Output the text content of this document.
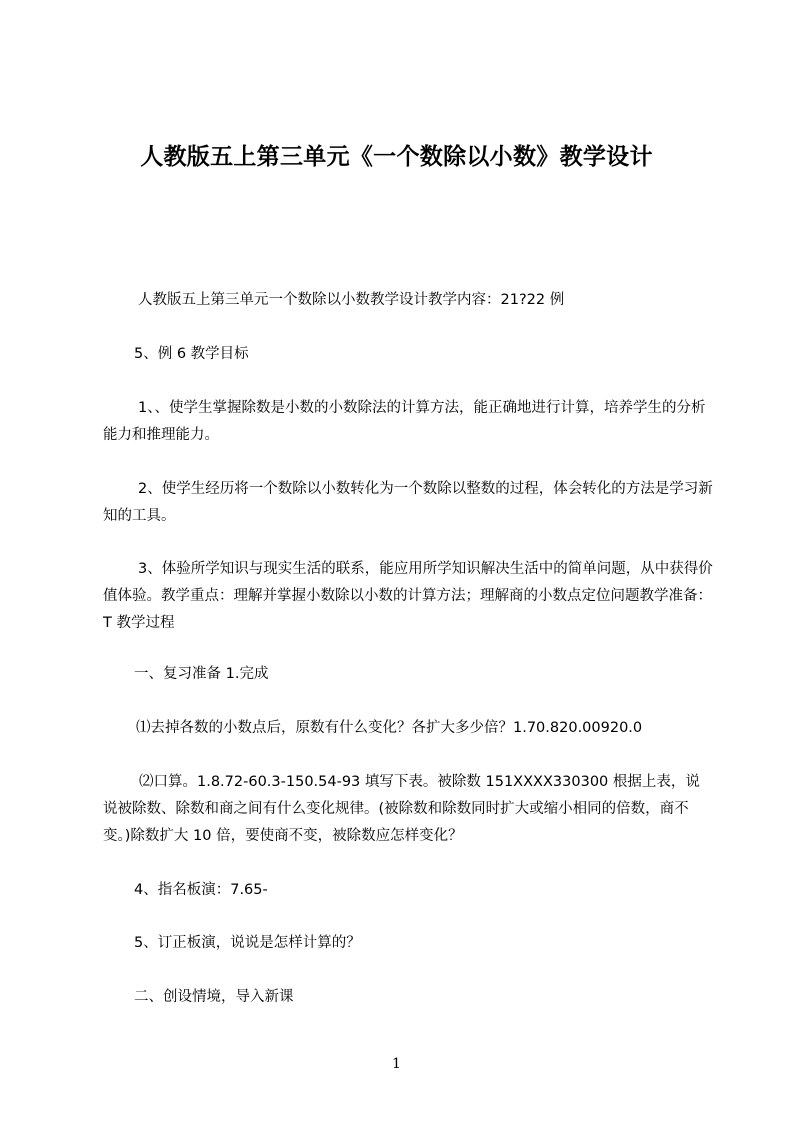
人教版五上第三单元《一个数除以小数》教学设计

人教版五上第三单元一个数除以小数教学设计教学内容：21?22 例

5、例 6 教学目标

1、、使学生掌握除数是小数的小数除法的计算方法，能正确地进行计算，培养学生的分析能力和推理能力。

2、使学生经历将一个数除以小数转化为一个数除以整数的过程，体会转化的方法是学习新知的工具。

3、体验所学知识与现实生活的联系，能应用所学知识解决生活中的简单问题，从中获得价值体验。教学重点：理解并掌握小数除以小数的计算方法；理解商的小数点定位问题教学准备：T 教学过程

一、复习准备 1.完成

⑴去掉各数的小数点后，原数有什么变化？各扩大多少倍？1.70.820.00920.0

⑵口算。1.8.72-60.3-150.54-93 填写下表。被除数 151XXXX330300 根据上表，说说被除数、除数和商之间有什么变化规律。(被除数和除数同时扩大或缩小相同的倍数，商不变。)除数扩大 10 倍，要使商不变，被除数应怎样变化？

4、指名板演：7.65-

5、订正板演，说说是怎样计算的？

二、创设情境，导入新课

1
